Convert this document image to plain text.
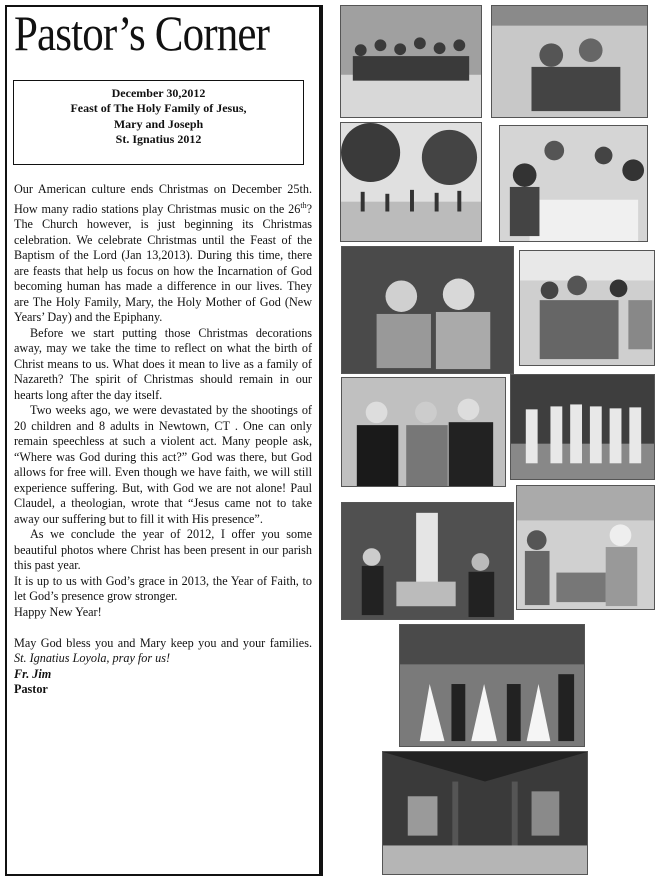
Pastor’s Corner
December 30,2012
Feast of The Holy Family of Jesus,
Mary and Joseph
St. Ignatius 2012

Our American culture ends Christmas on December 25th. How many radio stations play Christmas music on the 26th? The Church however, is just beginning its Christmas celebration. We celebrate Christmas until the Feast of the Baptism of the Lord (Jan 13,2013). During this time, there are feasts that help us focus on how the Incarnation of God becoming human has made a difference in our lives. They are The Holy Family, Mary, the Holy Mother of God (New Years’ Day) and the Epiphany.

Before we start putting those Christmas decorations away, may we take the time to reflect on what the birth of Christ means to us. What does it mean to live as a family of Nazareth? The spirit of Christmas should remain in our hearts long after the day itself.

Two weeks ago, we were devastated by the shootings of 20 children and 8 adults in Newtown, CT . One can only remain speechless at such a violent act. Many people ask, “Where was God during this act?” God was there, but God allows for free will. Even though we have faith, we will still experience suffering. But, with God we are not alone! Paul Claudel, a theologian, wrote that “Jesus came not to take away our suffering but to fill it with His presence”.

As we conclude the year of 2012, I offer you some beautiful photos where Christ has been present in our parish this past year.

It is up to us with God’s grace in 2013, the Year of Faith, to let God’s presence grow stronger.

Happy New Year!

May God bless you and Mary keep you and your families. St. Ignatius Loyola, pray for us!

Fr. Jim

Pastor
